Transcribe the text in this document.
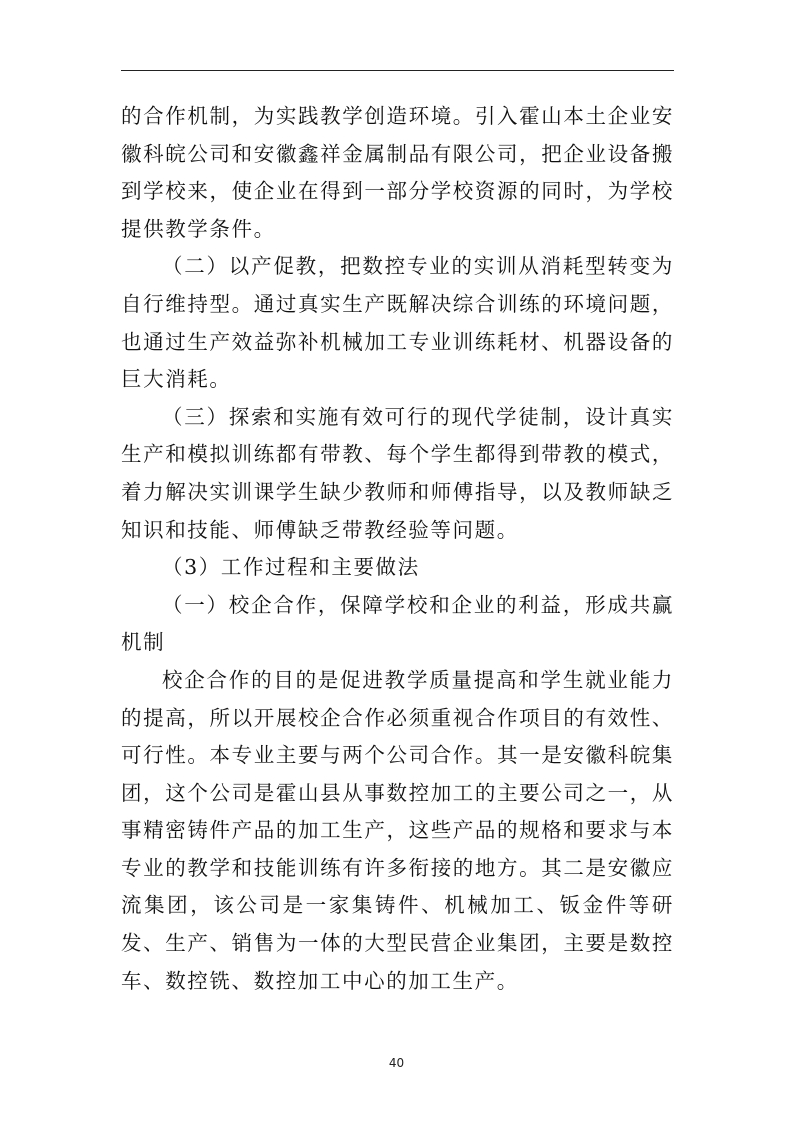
的合作机制，为实践教学创造环境。引入霍山本土企业安徽科皖公司和安徽鑫祥金属制品有限公司，把企业设备搬到学校来，使企业在得到一部分学校资源的同时，为学校提供教学条件。

（二）以产促教，把数控专业的实训从消耗型转变为自行维持型。通过真实生产既解决综合训练的环境问题，也通过生产效益弥补机械加工专业训练耗材、机器设备的巨大消耗。

（三）探索和实施有效可行的现代学徒制，设计真实生产和模拟训练都有带教、每个学生都得到带教的模式，着力解决实训课学生缺少教师和师傅指导，以及教师缺乏知识和技能、师傅缺乏带教经验等问题。

（3）工作过程和主要做法

（一）校企合作，保障学校和企业的利益，形成共赢机制

校企合作的目的是促进教学质量提高和学生就业能力的提高，所以开展校企合作必须重视合作项目的有效性、可行性。本专业主要与两个公司合作。其一是安徽科皖集团，这个公司是霍山县从事数控加工的主要公司之一，从事精密铸件产品的加工生产，这些产品的规格和要求与本专业的教学和技能训练有许多衔接的地方。其二是安徽应流集团，该公司是一家集铸件、机械加工、钣金件等研发、生产、销售为一体的大型民营企业集团，主要是数控车、数控铣、数控加工中心的加工生产。

40
